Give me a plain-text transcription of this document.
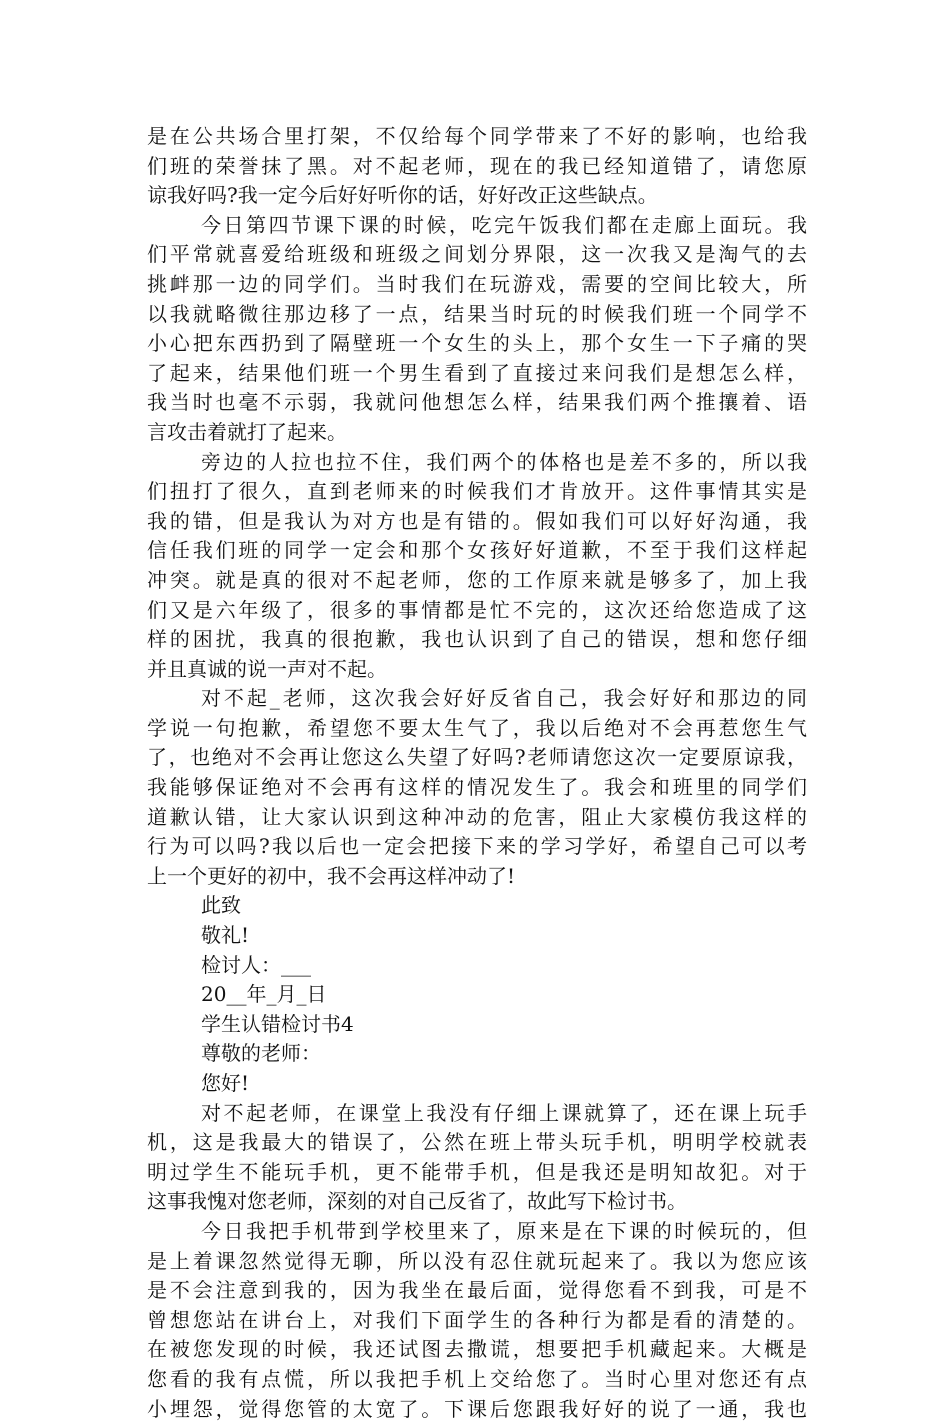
是在公共场合里打架，不仅给每个同学带来了不好的影响，也给我
们班的荣誉抹了黑。对不起老师，现在的我已经知道错了，请您原
谅我好吗?我一定今后好好听你的话，好好改正这些缺点。
今日第四节课下课的时候，吃完午饭我们都在走廊上面玩。我
们平常就喜爱给班级和班级之间划分界限，这一次我又是淘气的去
挑衅那一边的同学们。当时我们在玩游戏，需要的空间比较大，所
以我就略微往那边移了一点，结果当时玩的时候我们班一个同学不
小心把东西扔到了隔壁班一个女生的头上，那个女生一下子痛的哭
了起来，结果他们班一个男生看到了直接过来问我们是想怎么样，
我当时也毫不示弱，我就问他想怎么样，结果我们两个推攘着、语
言攻击着就打了起来。
旁边的人拉也拉不住，我们两个的体格也是差不多的，所以我
们扭打了很久，直到老师来的时候我们才肯放开。这件事情其实是
我的错，但是我认为对方也是有错的。假如我们可以好好沟通，我
信任我们班的同学一定会和那个女孩好好道歉，不至于我们这样起
冲突。就是真的很对不起老师，您的工作原来就是够多了，加上我
们又是六年级了，很多的事情都是忙不完的，这次还给您造成了这
样的困扰，我真的很抱歉，我也认识到了自己的错误，想和您仔细
并且真诚的说一声对不起。
对不起_老师，这次我会好好反省自己，我会好好和那边的同
学说一句抱歉，希望您不要太生气了，我以后绝对不会再惹您生气
了，也绝对不会再让您这么失望了好吗?老师请您这次一定要原谅我，
我能够保证绝对不会再有这样的情况发生了。我会和班里的同学们
道歉认错，让大家认识到这种冲动的危害，阻止大家模仿我这样的
行为可以吗?我以后也一定会把接下来的学习学好，希望自己可以考
上一个更好的初中，我不会再这样冲动了!
此致
敬礼!
检讨人：___
20__年_月_日
学生认错检讨书4
尊敬的老师：
您好!
对不起老师，在课堂上我没有仔细上课就算了，还在课上玩手
机，这是我最大的错误了，公然在班上带头玩手机，明明学校就表
明过学生不能玩手机，更不能带手机，但是我还是明知故犯。对于
这事我愧对您老师，深刻的对自己反省了，故此写下检讨书。
今日我把手机带到学校里来了，原来是在下课的时候玩的，但
是上着课忽然觉得无聊，所以没有忍住就玩起来了。我以为您应该
是不会注意到我的，因为我坐在最后面，觉得您看不到我，可是不
曾想您站在讲台上，对我们下面学生的各种行为都是看的清楚的。
在被您发现的时候，我还试图去撒谎，想要把手机藏起来。大概是
您看的我有点慌，所以我把手机上交给您了。当时心里对您还有点
小埋怨，觉得您管的太宽了。下课后您跟我好好的说了一通，我也
